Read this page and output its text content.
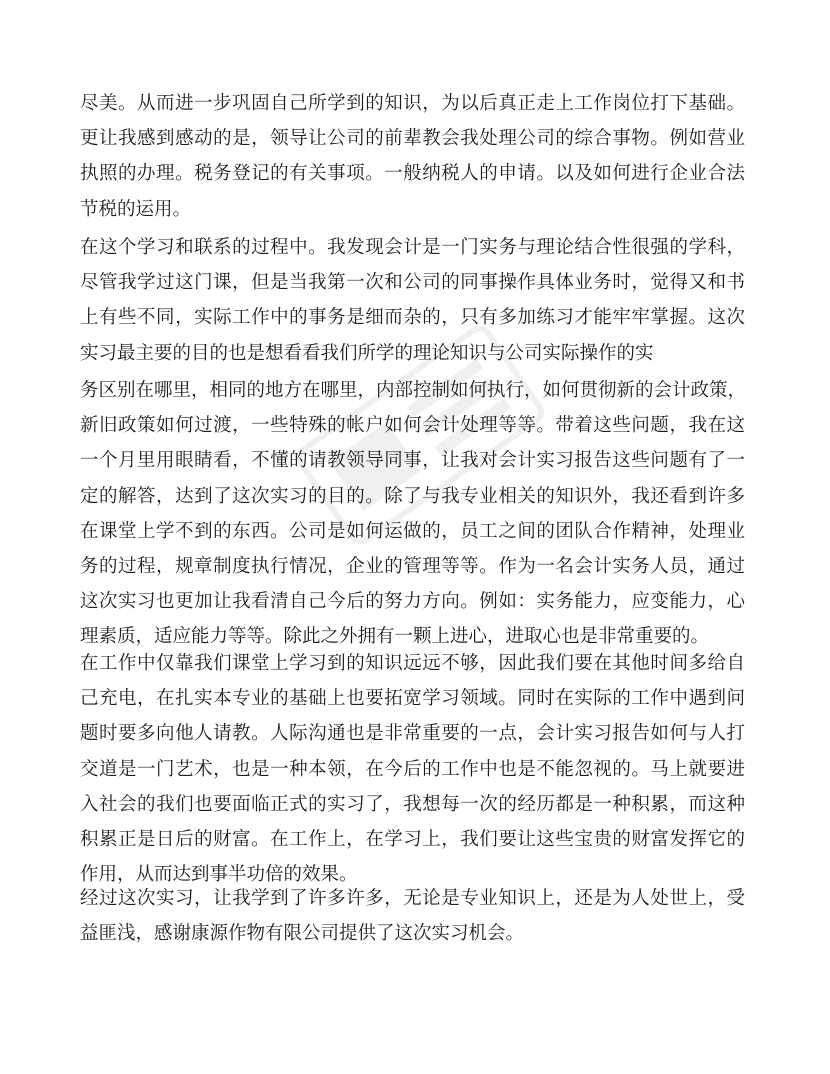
尽美。从而进一步巩固自己所学到的知识，为以后真正走上工作岗位打下基础。
更让我感到感动的是，领导让公司的前辈教会我处理公司的综合事物。例如营业
执照的办理。税务登记的有关事项。一般纳税人的申请。以及如何进行企业合法
节税的运用。
在这个学习和联系的过程中。我发现会计是一门实务与理论结合性很强的学科，
尽管我学过这门课，但是当我第一次和公司的同事操作具体业务时，觉得又和书
上有些不同，实际工作中的事务是细而杂的，只有多加练习才能牢牢掌握。这次
实习最主要的目的也是想看看我们所学的理论知识与公司实际操作的实
务区别在哪里，相同的地方在哪里，内部控制如何执行，如何贯彻新的会计政策，
新旧政策如何过渡，一些特殊的帐户如何会计处理等等。带着这些问题，我在这
一个月里用眼睛看，不懂的请教领导同事，让我对会计实习报告这些问题有了一
定的解答，达到了这次实习的目的。除了与我专业相关的知识外，我还看到许多
在课堂上学不到的东西。公司是如何运做的，员工之间的团队合作精神，处理业
务的过程，规章制度执行情况，企业的管理等等。作为一名会计实务人员，通过
这次实习也更加让我看清自己今后的努力方向。例如：实务能力，应变能力，心
理素质，适应能力等等。除此之外拥有一颗上进心，进取心也是非常重要的。
在工作中仅靠我们课堂上学习到的知识远远不够，因此我们要在其他时间多给自
己充电，在扎实本专业的基础上也要拓宽学习领域。同时在实际的工作中遇到问
题时要多向他人请教。人际沟通也是非常重要的一点，会计实习报告如何与人打
交道是一门艺术，也是一种本领，在今后的工作中也是不能忽视的。马上就要进
入社会的我们也要面临正式的实习了，我想每一次的经历都是一种积累，而这种
积累正是日后的财富。在工作上，在学习上，我们要让这些宝贵的财富发挥它的
作用，从而达到事半功倍的效果。
经过这次实习，让我学到了许多许多，无论是专业知识上，还是为人处世上，受
益匪浅，感谢康源作物有限公司提供了这次实习机会。
